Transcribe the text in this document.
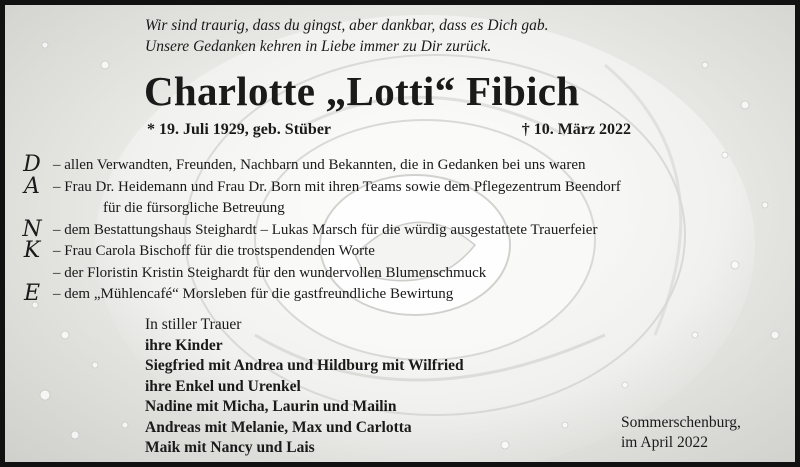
Wir sind traurig, dass du gingst, aber dankbar, dass es Dich gab.
Unsere Gedanken kehren in Liebe immer zu Dir zurück.
Charlotte „Lotti“ Fibich
* 19. Juli 1929, geb. Stüber	† 10. März 2022
D – allen Verwandten, Freunden, Nachbarn und Bekannten, die in Gedanken bei uns waren
A – Frau Dr. Heidemann und Frau Dr. Born mit ihren Teams sowie dem Pflegezentrum Beendorf
für die fürsorgliche Betreuung
N – dem Bestattungshaus Steighardt – Lukas Marsch für die würdig ausgestattete Trauerfeier
K – Frau Carola Bischoff für die trostspendenden Worte
– der Floristin Kristin Steighardt für den wundervollen Blumenschmuck
E – dem „Mühlencafé“ Morsleben für die gastfreundliche Bewirtung
In stiller Trauer
ihre Kinder
Siegfried mit Andrea und Hildburg mit Wilfried
ihre Enkel und Urenkel
Nadine mit Micha, Laurin und Mailin
Andreas mit Melanie, Max und Carlotta
Maik mit Nancy und Lais
Sommerschenburg,
im April 2022
